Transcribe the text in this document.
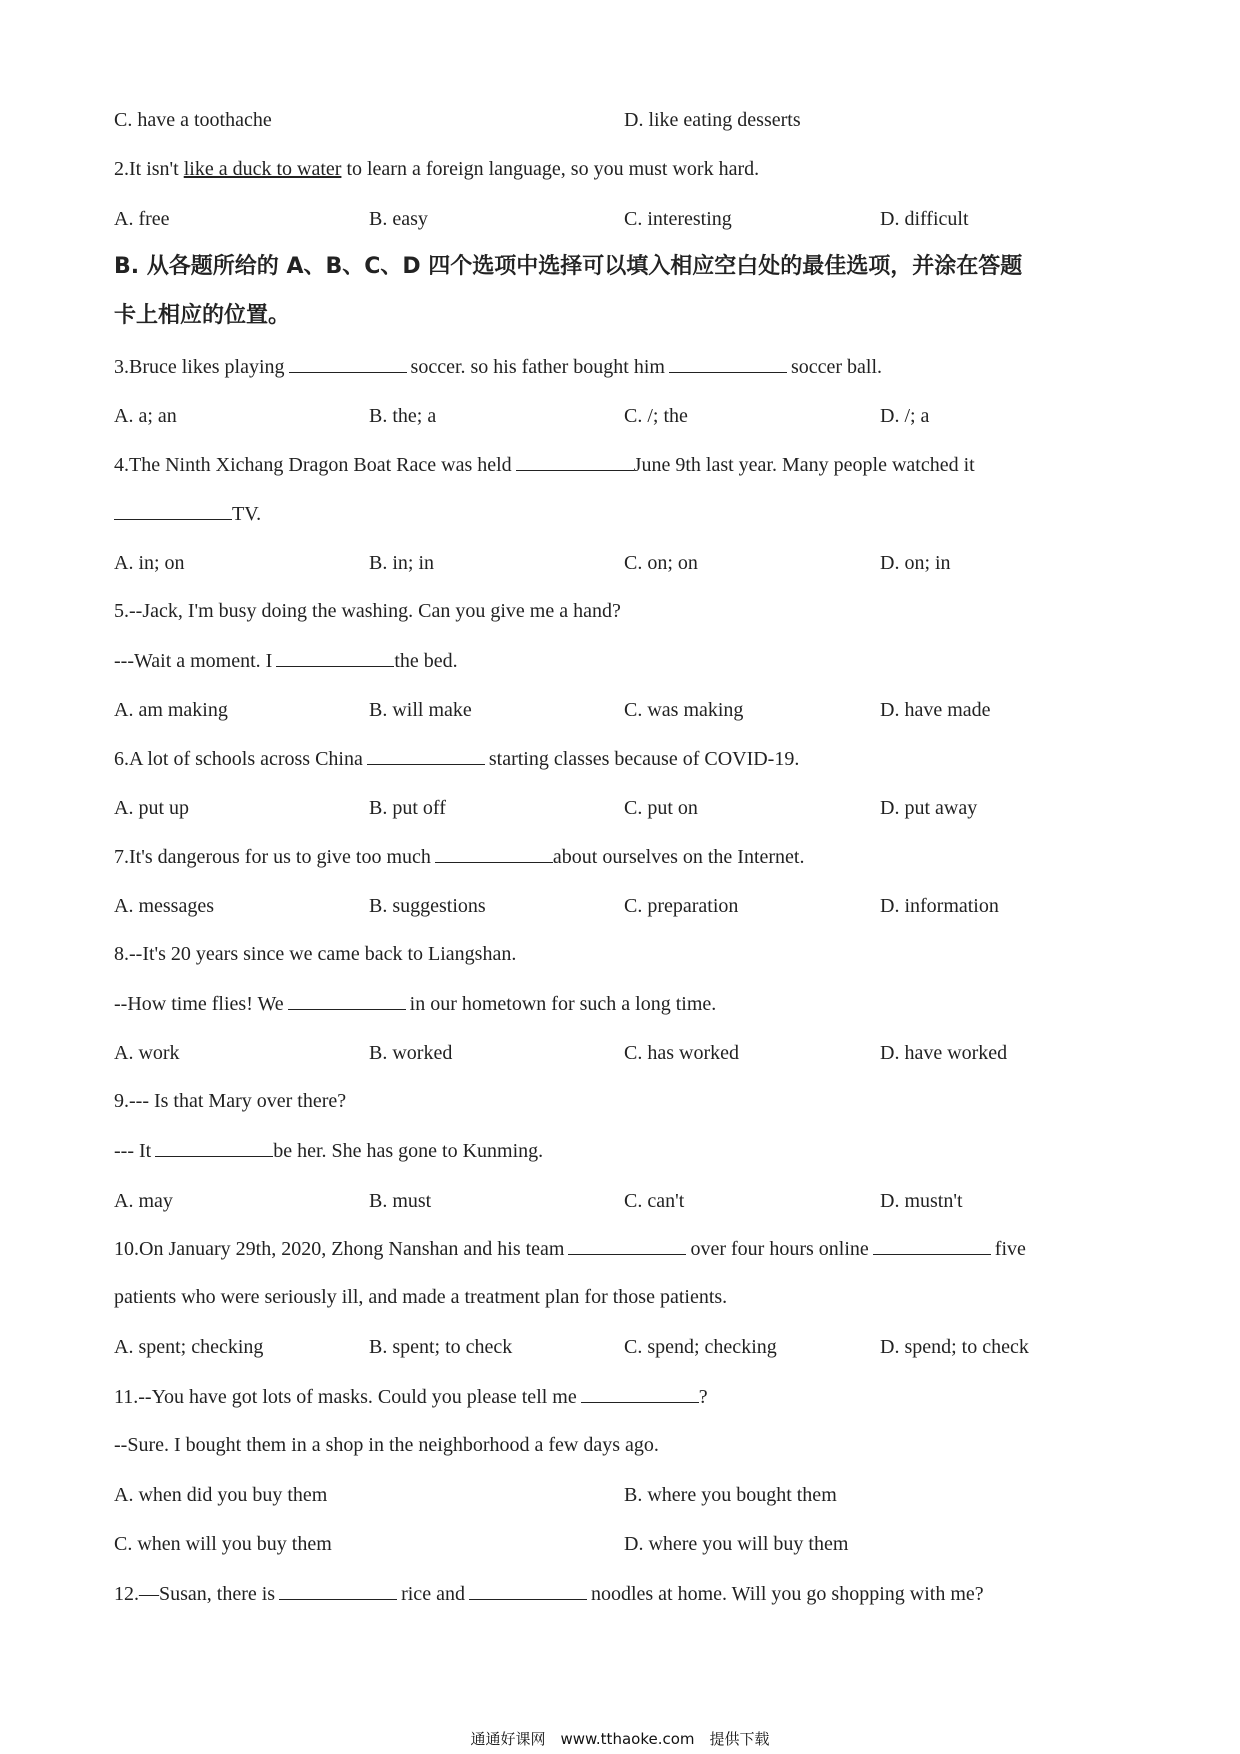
C. have a toothache	D. like eating desserts
2.It isn't like a duck to water to learn a foreign language, so you must work hard.
A. free	B. easy	C. interesting	D. difficult
B. 从各题所给的 A、B、C、D 四个选项中选择可以填入相应空白处的最佳选项，并涂在答题
卡上相应的位置。
3.Bruce likes playing	soccer. so his father bought him	soccer ball.
A. a; an	B. the; a	C. /; the	D. /; a
4.The Ninth Xichang Dragon Boat Race was held	June 9th last year. Many people watched it
TV.
A. in; on	B. in; in	C. on; on	D. on; in
5.--Jack, I'm busy doing the washing. Can you give me a hand?
---Wait a moment. I	the bed.
A. am making	B. will make	C. was making	D. have made
6.A lot of schools across China	starting classes because of COVID-19.
A. put up	B. put off	C. put on	D. put away
7.It's dangerous for us to give too much	about ourselves on the Internet.
A. messages	B. suggestions	C. preparation	D. information
8.--It's 20 years since we came back to Liangshan.
--How time flies! We	in our hometown for such a long time.
A. work	B. worked	C. has worked	D. have worked
9.--- Is that Mary over there?
--- It	be her. She has gone to Kunming.
A. may	B. must	C. can't	D. mustn't
10.On January 29th, 2020, Zhong Nanshan and his team	over four hours online	five
patients who were seriously ill, and made a treatment plan for those patients.
A. spent; checking	B. spent; to check	C. spend; checking	D. spend; to check
11.--You have got lots of masks. Could you please tell me	?
--Sure. I bought them in a shop in the neighborhood a few days ago.
A. when did you buy them	B. where you bought them
C. when will you buy them	D. where you will buy them
12.—Susan, there is	rice and	noodles at home. Will you go shopping with me?
通通好课网　www.tthaoke.com　提供下载
